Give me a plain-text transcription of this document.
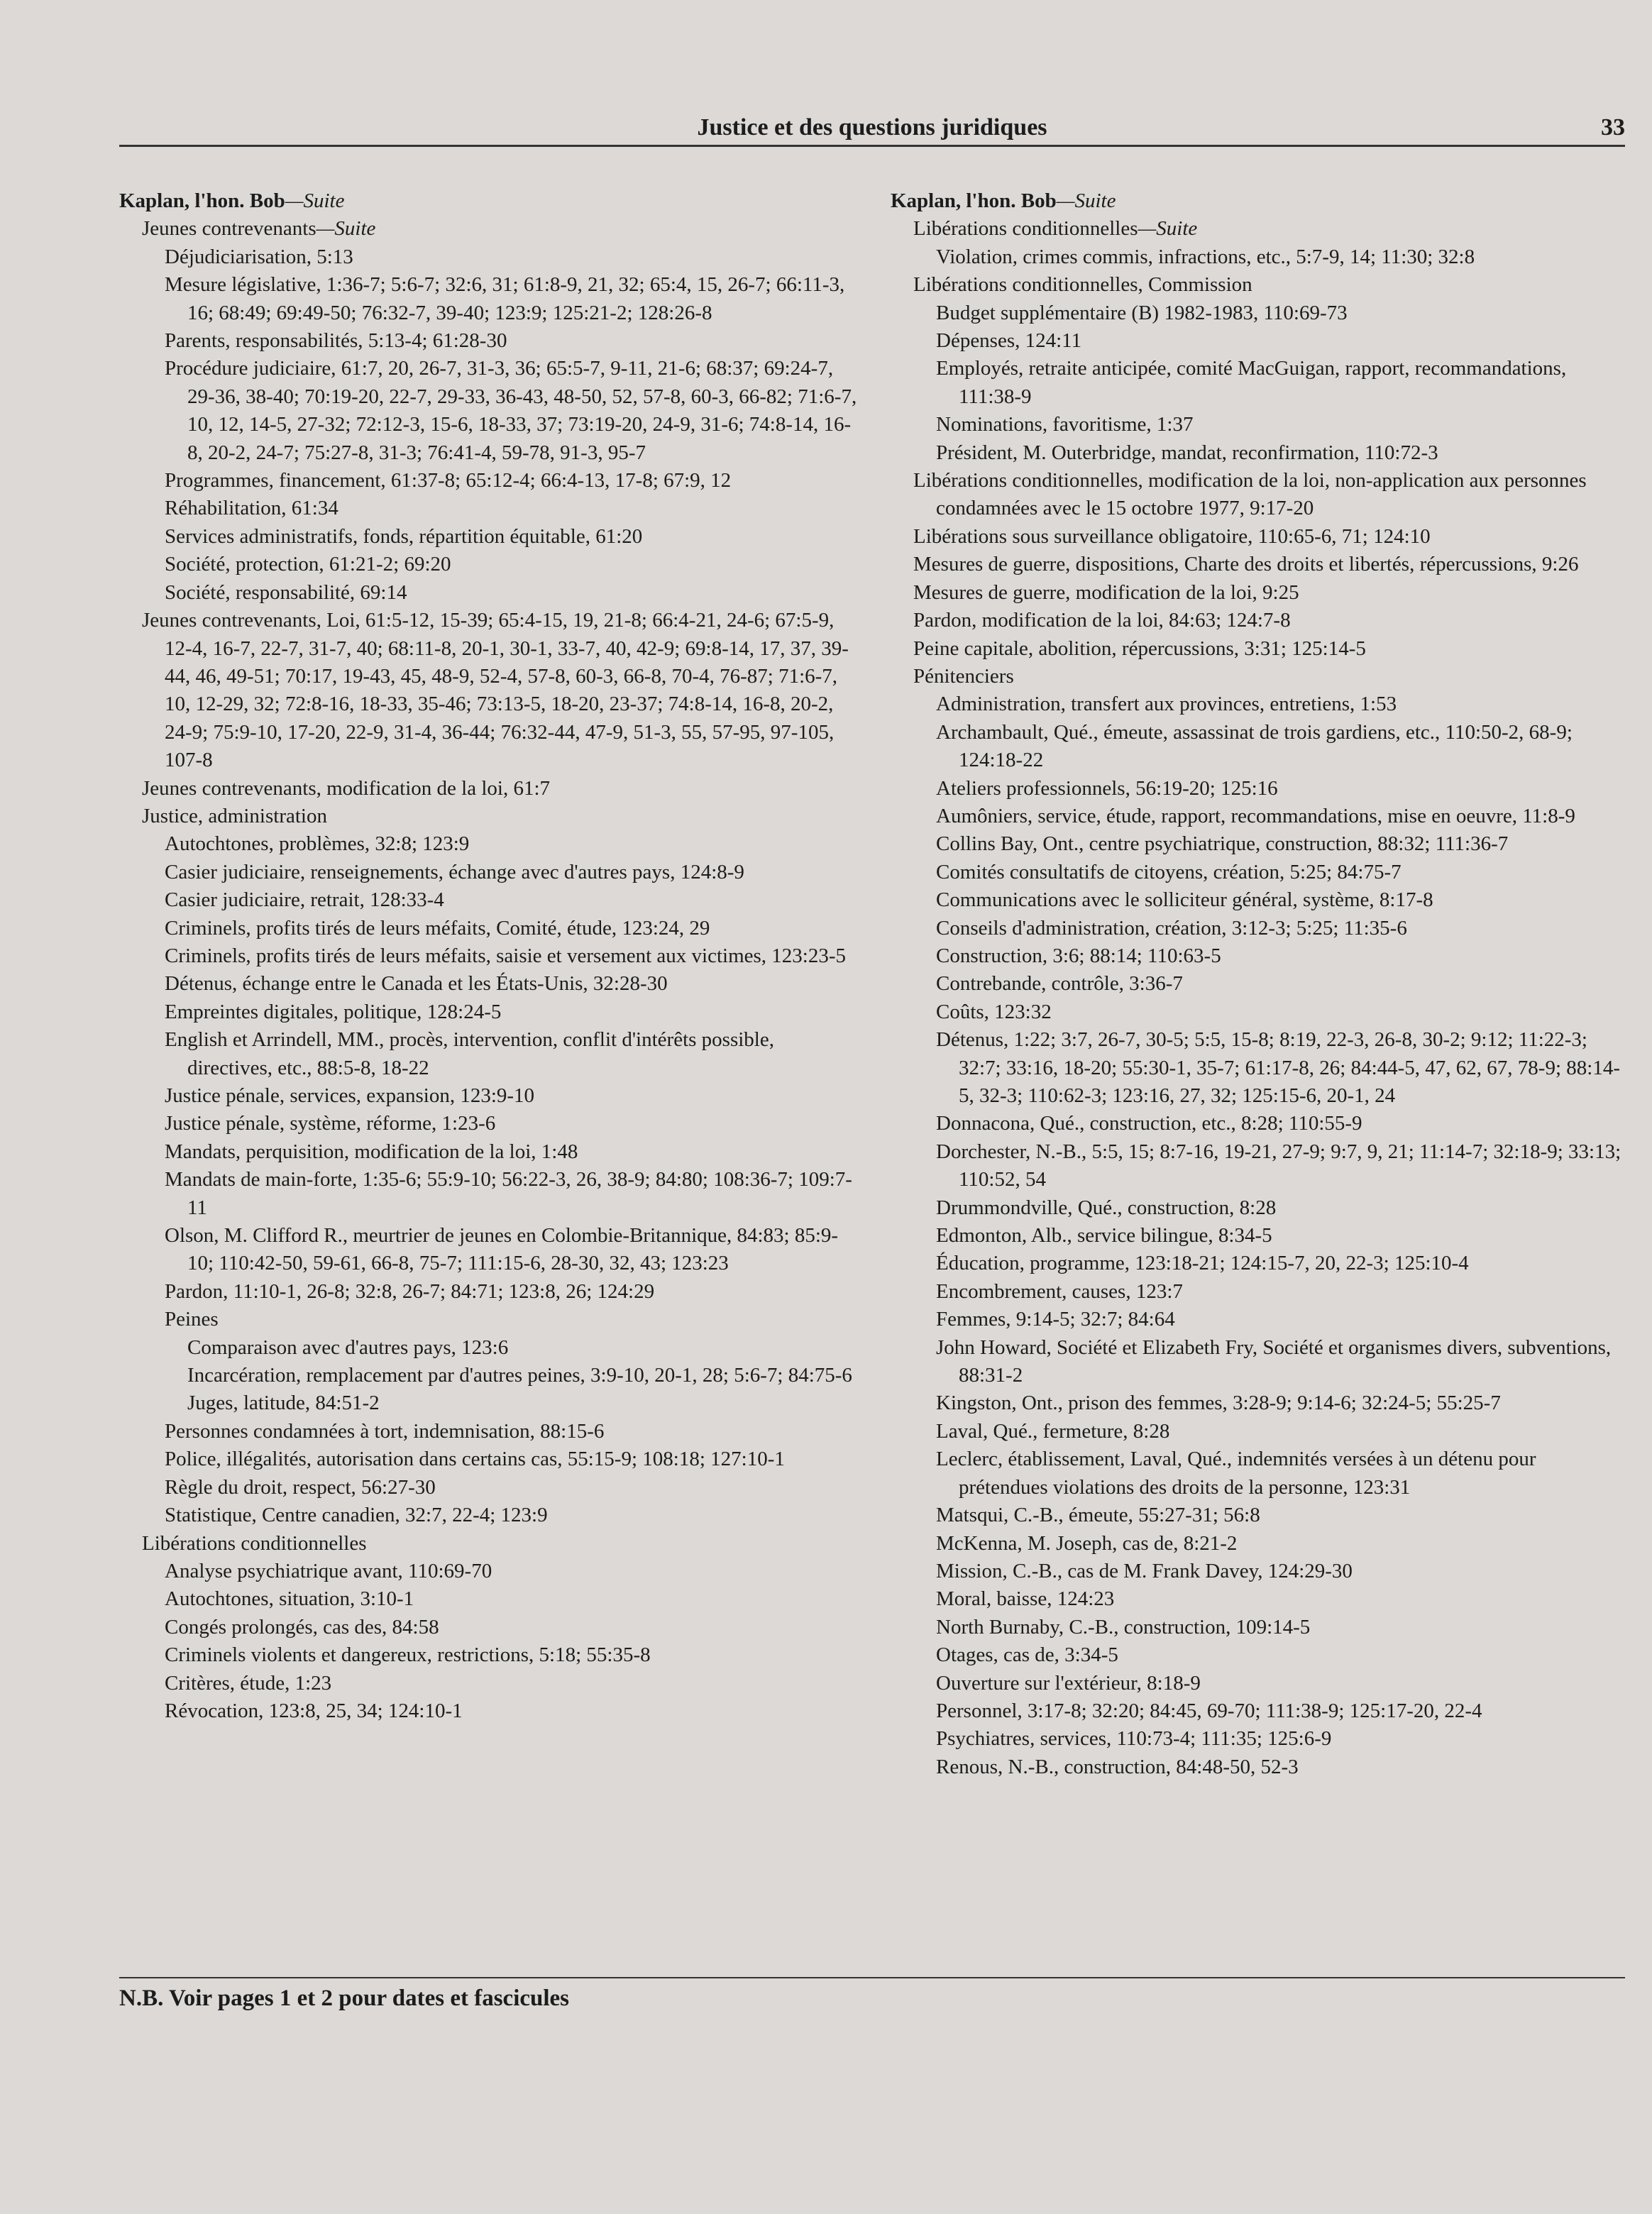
Justice et des questions juridiques	33
Kaplan, l'hon. Bob—Suite
Jeunes contrevenants—Suite
Déjudiciarisation, 5:13
Mesure législative, 1:36-7; 5:6-7; 32:6, 31; 61:8-9, 21, 32; 65:4, 15, 26-7; 66:11-3, 16; 68:49; 69:49-50; 76:32-7, 39-40; 123:9; 125:21-2; 128:26-8
Parents, responsabilités, 5:13-4; 61:28-30
Procédure judiciaire, 61:7, 20, 26-7, 31-3, 36; 65:5-7, 9-11, 21-6; 68:37; 69:24-7, 29-36, 38-40; 70:19-20, 22-7, 29-33, 36-43, 48-50, 52, 57-8, 60-3, 66-82; 71:6-7, 10, 12, 14-5, 27-32; 72:12-3, 15-6, 18-33, 37; 73:19-20, 24-9, 31-6; 74:8-14, 16-8, 20-2, 24-7; 75:27-8, 31-3; 76:41-4, 59-78, 91-3, 95-7
Programmes, financement, 61:37-8; 65:12-4; 66:4-13, 17-8; 67:9, 12
Réhabilitation, 61:34
Services administratifs, fonds, répartition équitable, 61:20
Société, protection, 61:21-2; 69:20
Société, responsabilité, 69:14
Jeunes contrevenants, Loi, 61:5-12, 15-39; 65:4-15, 19, 21-8; 66:4-21, 24-6; 67:5-9, 12-4, 16-7, 22-7, 31-7, 40; 68:11-8, 20-1, 30-1, 33-7, 40, 42-9; 69:8-14, 17, 37, 39-44, 46, 49-51; 70:17, 19-43, 45, 48-9, 52-4, 57-8, 60-3, 66-8, 70-4, 76-87; 71:6-7, 10, 12-29, 32; 72:8-16, 18-33, 35-46; 73:13-5, 18-20, 23-37; 74:8-14, 16-8, 20-2, 24-9; 75:9-10, 17-20, 22-9, 31-4, 36-44; 76:32-44, 47-9, 51-3, 55, 57-95, 97-105, 107-8
Jeunes contrevenants, modification de la loi, 61:7
Justice, administration
Autochtones, problèmes, 32:8; 123:9
Casier judiciaire, renseignements, échange avec d'autres pays, 124:8-9
Casier judiciaire, retrait, 128:33-4
Criminels, profits tirés de leurs méfaits, Comité, étude, 123:24, 29
Criminels, profits tirés de leurs méfaits, saisie et versement aux victimes, 123:23-5
Détenus, échange entre le Canada et les États-Unis, 32:28-30
Empreintes digitales, politique, 128:24-5
English et Arrindell, MM., procès, intervention, conflit d'intérêts possible, directives, etc., 88:5-8, 18-22
Justice pénale, services, expansion, 123:9-10
Justice pénale, système, réforme, 1:23-6
Mandats, perquisition, modification de la loi, 1:48
Mandats de main-forte, 1:35-6; 55:9-10; 56:22-3, 26, 38-9; 84:80; 108:36-7; 109:7-11
Olson, M. Clifford R., meurtrier de jeunes en Colombie-Britannique, 84:83; 85:9-10; 110:42-50, 59-61, 66-8, 75-7; 111:15-6, 28-30, 32, 43; 123:23
Pardon, 11:10-1, 26-8; 32:8, 26-7; 84:71; 123:8, 26; 124:29
Peines
Comparaison avec d'autres pays, 123:6
Incarcération, remplacement par d'autres peines, 3:9-10, 20-1, 28; 5:6-7; 84:75-6
Juges, latitude, 84:51-2
Personnes condamnées à tort, indemnisation, 88:15-6
Police, illégalités, autorisation dans certains cas, 55:15-9; 108:18; 127:10-1
Règle du droit, respect, 56:27-30
Statistique, Centre canadien, 32:7, 22-4; 123:9
Libérations conditionnelles
Analyse psychiatrique avant, 110:69-70
Autochtones, situation, 3:10-1
Congés prolongés, cas des, 84:58
Criminels violents et dangereux, restrictions, 5:18; 55:35-8
Critères, étude, 1:23
Révocation, 123:8, 25, 34; 124:10-1
Kaplan, l'hon. Bob—Suite
Libérations conditionnelles—Suite
Violation, crimes commis, infractions, etc., 5:7-9, 14; 11:30; 32:8
Libérations conditionnelles, Commission
Budget supplémentaire (B) 1982-1983, 110:69-73
Dépenses, 124:11
Employés, retraite anticipée, comité MacGuigan, rapport, recommandations, 111:38-9
Nominations, favoritisme, 1:37
Président, M. Outerbridge, mandat, reconfirmation, 110:72-3
Libérations conditionnelles, modification de la loi, non-application aux personnes condamnées avec le 15 octobre 1977, 9:17-20
Libérations sous surveillance obligatoire, 110:65-6, 71; 124:10
Mesures de guerre, dispositions, Charte des droits et libertés, répercussions, 9:26
Mesures de guerre, modification de la loi, 9:25
Pardon, modification de la loi, 84:63; 124:7-8
Peine capitale, abolition, répercussions, 3:31; 125:14-5
Pénitenciers
Administration, transfert aux provinces, entretiens, 1:53
Archambault, Qué., émeute, assassinat de trois gardiens, etc., 110:50-2, 68-9; 124:18-22
Ateliers professionnels, 56:19-20; 125:16
Aumôniers, service, étude, rapport, recommandations, mise en oeuvre, 11:8-9
Collins Bay, Ont., centre psychiatrique, construction, 88:32; 111:36-7
Comités consultatifs de citoyens, création, 5:25; 84:75-7
Communications avec le solliciteur général, système, 8:17-8
Conseils d'administration, création, 3:12-3; 5:25; 11:35-6
Construction, 3:6; 88:14; 110:63-5
Contrebande, contrôle, 3:36-7
Coûts, 123:32
Détenus, 1:22; 3:7, 26-7, 30-5; 5:5, 15-8; 8:19, 22-3, 26-8, 30-2; 9:12; 11:22-3; 32:7; 33:16, 18-20; 55:30-1, 35-7; 61:17-8, 26; 84:44-5, 47, 62, 67, 78-9; 88:14-5, 32-3; 110:62-3; 123:16, 27, 32; 125:15-6, 20-1, 24
Donnacona, Qué., construction, etc., 8:28; 110:55-9
Dorchester, N.-B., 5:5, 15; 8:7-16, 19-21, 27-9; 9:7, 9, 21; 11:14-7; 32:18-9; 33:13; 110:52, 54
Drummondville, Qué., construction, 8:28
Edmonton, Alb., service bilingue, 8:34-5
Éducation, programme, 123:18-21; 124:15-7, 20, 22-3; 125:10-4
Encombrement, causes, 123:7
Femmes, 9:14-5; 32:7; 84:64
John Howard, Société et Elizabeth Fry, Société et organismes divers, subventions, 88:31-2
Kingston, Ont., prison des femmes, 3:28-9; 9:14-6; 32:24-5; 55:25-7
Laval, Qué., fermeture, 8:28
Leclerc, établissement, Laval, Qué., indemnités versées à un détenu pour prétendues violations des droits de la personne, 123:31
Matsqui, C.-B., émeute, 55:27-31; 56:8
McKenna, M. Joseph, cas de, 8:21-2
Mission, C.-B., cas de M. Frank Davey, 124:29-30
Moral, baisse, 124:23
North Burnaby, C.-B., construction, 109:14-5
Otages, cas de, 3:34-5
Ouverture sur l'extérieur, 8:18-9
Personnel, 3:17-8; 32:20; 84:45, 69-70; 111:38-9; 125:17-20, 22-4
Psychiatres, services, 110:73-4; 111:35; 125:6-9
Renous, N.-B., construction, 84:48-50, 52-3
N.B. Voir pages 1 et 2 pour dates et fascicules
